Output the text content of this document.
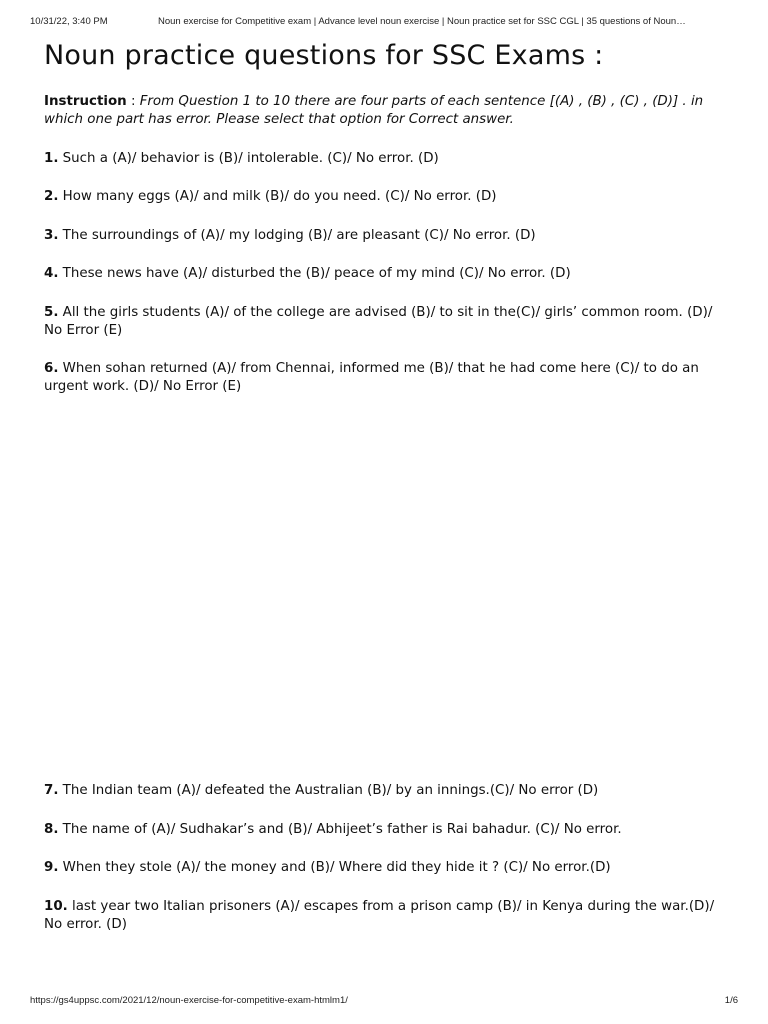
10/31/22, 3:40 PM	Noun exercise for Competitive exam | Advance level noun exercise | Noun practice set for SSC CGL | 35 questions of Noun…
Noun practice questions for SSC Exams :

Instruction : From Question 1 to 10 there are four parts of each sentence [(A) , (B) , (C) , (D)] . in which one part has error. Please select that option for Correct answer.

1. Such a (A)/ behavior is (B)/ intolerable. (C)/ No error. (D)

2. How many eggs (A)/ and milk (B)/ do you need. (C)/ No error. (D)

3. The surroundings of (A)/ my lodging (B)/ are pleasant (C)/ No error. (D)

4. These news have (A)/ disturbed the (B)/ peace of my mind (C)/ No error. (D)

5. All the girls students (A)/ of the college are advised (B)/ to sit in the(C)/ girls’ common room. (D)/ No Error (E)

6. When sohan returned (A)/ from Chennai, informed me (B)/ that he had come here (C)/ to do an urgent work. (D)/ No Error (E)

7. The Indian team (A)/ defeated the Australian (B)/ by an innings.(C)/ No error (D)

8. The name of (A)/ Sudhakar’s and (B)/ Abhijeet’s father is Rai bahadur. (C)/ No error.

9. When they stole (A)/ the money and (B)/ Where did they hide it ? (C)/ No error.(D)

10. last year two Italian prisoners (A)/ escapes from a prison camp (B)/ in Kenya during the war.(D)/ No error. (D)

https://gs4uppsc.com/2021/12/noun-exercise-for-competitive-exam-htmlm1/	1/6
